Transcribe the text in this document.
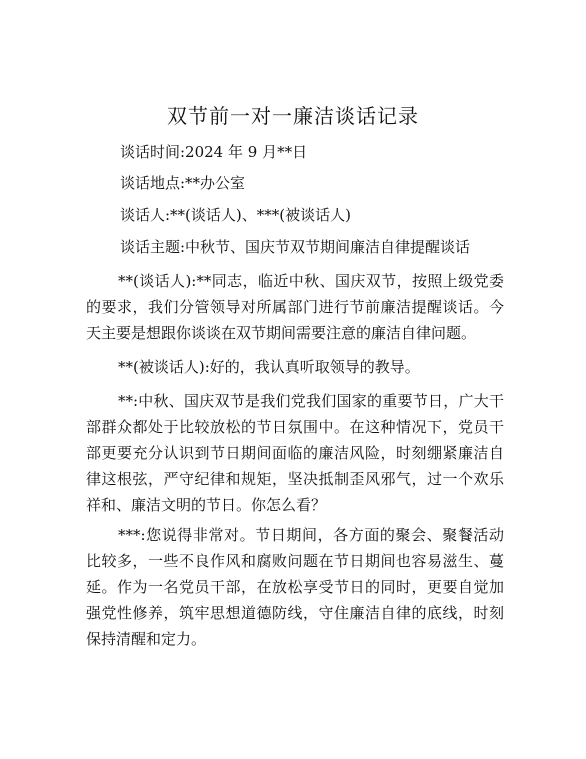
双节前一对一廉洁谈话记录
谈话时间:2024 年 9 月**日
谈话地点:**办公室
谈话人:**(谈话人)、***(被谈话人)
谈话主题:中秋节、国庆节双节期间廉洁自律提醒谈话
**(谈话人):**同志，临近中秋、国庆双节，按照上级党委的要求，我们分管领导对所属部门进行节前廉洁提醒谈话。今天主要是想跟你谈谈在双节期间需要注意的廉洁自律问题。
**(被谈话人):好的，我认真听取领导的教导。
**:中秋、国庆双节是我们党我们国家的重要节日，广大干部群众都处于比较放松的节日氛围中。在这种情况下，党员干部更要充分认识到节日期间面临的廉洁风险，时刻绷紧廉洁自律这根弦，严守纪律和规矩，坚决抵制歪风邪气，过一个欢乐祥和、廉洁文明的节日。你怎么看？
***:您说得非常对。节日期间，各方面的聚会、聚餐活动比较多，一些不良作风和腐败问题在节日期间也容易滋生、蔓延。作为一名党员干部，在放松享受节日的同时，更要自觉加强党性修养，筑牢思想道德防线，守住廉洁自律的底线，时刻保持清醒和定力。
